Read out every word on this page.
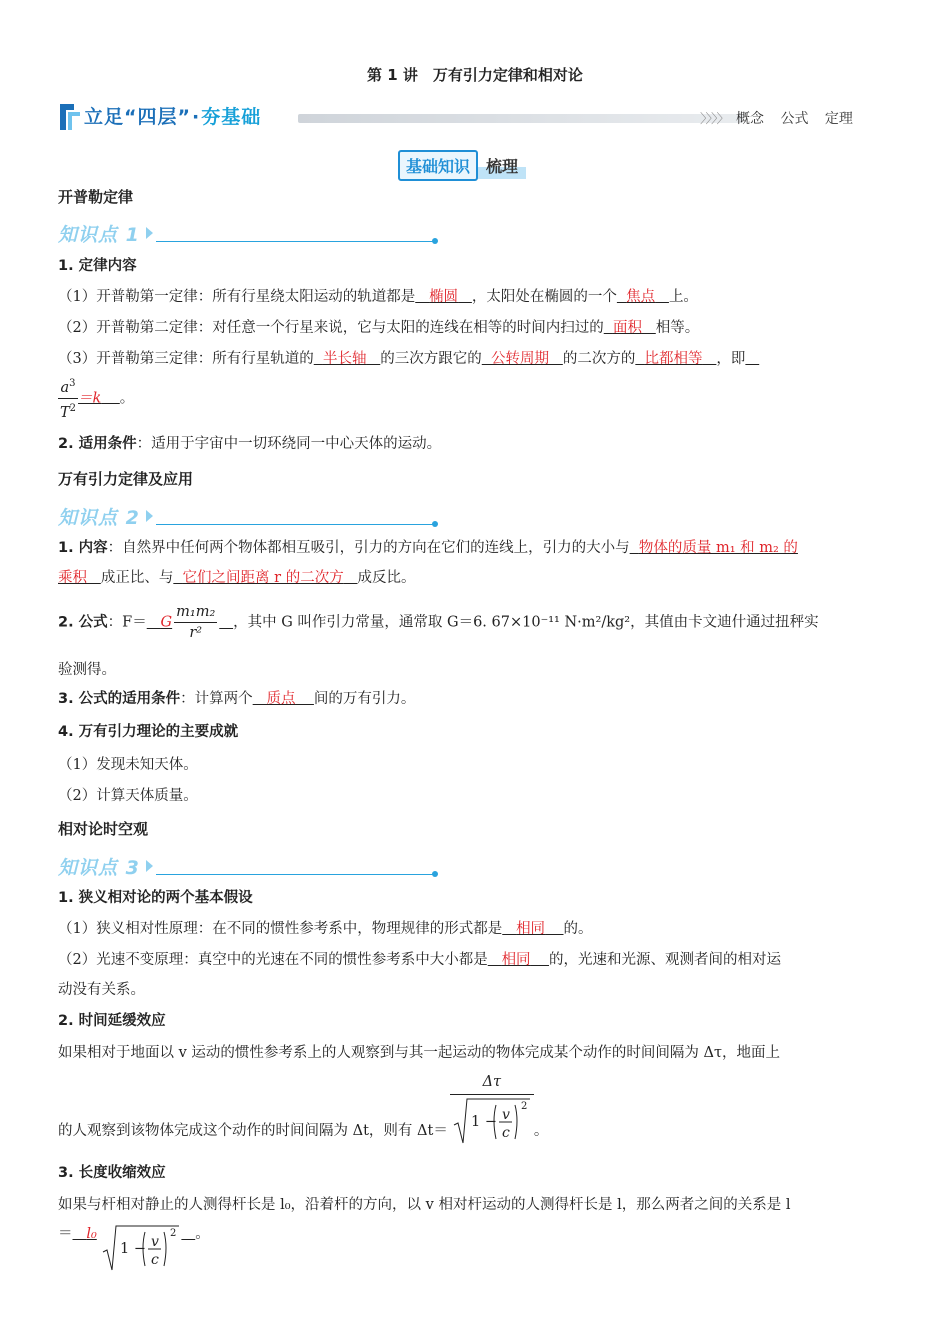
第 1 讲　万有引力定律和相对论
立足“四层”·夯基础	〉〉〉〉 概念 公式 定理
基础知识 梳理
开普勒定律
知识点 1
1. 定律内容
（1）开普勒第一定律：所有行星绕太阳运动的轨道都是 椭圆 ，太阳处在椭圆的一个 焦点 上。
（2）开普勒第二定律：对任意一个行星来说，它与太阳的连线在相等的时间内扫过的 面积 相等。
（3）开普勒第三定律：所有行星轨道的 半长轴 的三次方跟它的 公转周期 的二次方的 比都相等 ，即
$\frac{a^3}{T^2} =k$ 。
2. 适用条件：适用于宇宙中一切环绕同一中心天体的运动。
万有引力定律及应用
知识点 2
1. 内容：自然界中任何两个物体都相互吸引，引力的方向在它们的连线上，引力的大小与 物体的质量 m₁ 和 m₂ 的
乘积 成正比、与 它们之间距离 r 的二次方 成反比。
2. 公式：F＝ G $\frac{\text{m₁m₂}}{\text{r²}}$ ，其中 G 叫作引力常量，通常取 G＝6. 67×10⁻¹¹ N·m²/kg²，其值由卡文迪什通过扭秤实
验测得。
3. 公式的适用条件：计算两个 质点 间的万有引力。
4. 万有引力理论的主要成就
（1）发现未知天体。
（2）计算天体质量。
相对论时空观
知识点 3
1. 狭义相对论的两个基本假设
（1）狭义相对性原理：在不同的惯性参考系中，物理规律的形式都是 相同 的。
（2）光速不变原理：真空中的光速在不同的惯性参考系中大小都是 相同 的，光速和光源、观测者间的相对运
动没有关系。
2. 时间延缓效应
如果相对于地面以 v 运动的惯性参考系上的人观察到与其一起运动的物体完成某个动作的时间间隔为 Δτ，地面上
的人观察到该物体完成这个动作的时间间隔为 Δt，则有 Δt＝
Δτ
1 − v
c
2
。
3. 长度收缩效应
如果与杆相对静止的人测得杆长是 l₀，沿着杆的方向，以 v 相对杆运动的人测得杆长是 l，那么两者之间的关系是 l
＝ l₀
1 − v
c
2 。
